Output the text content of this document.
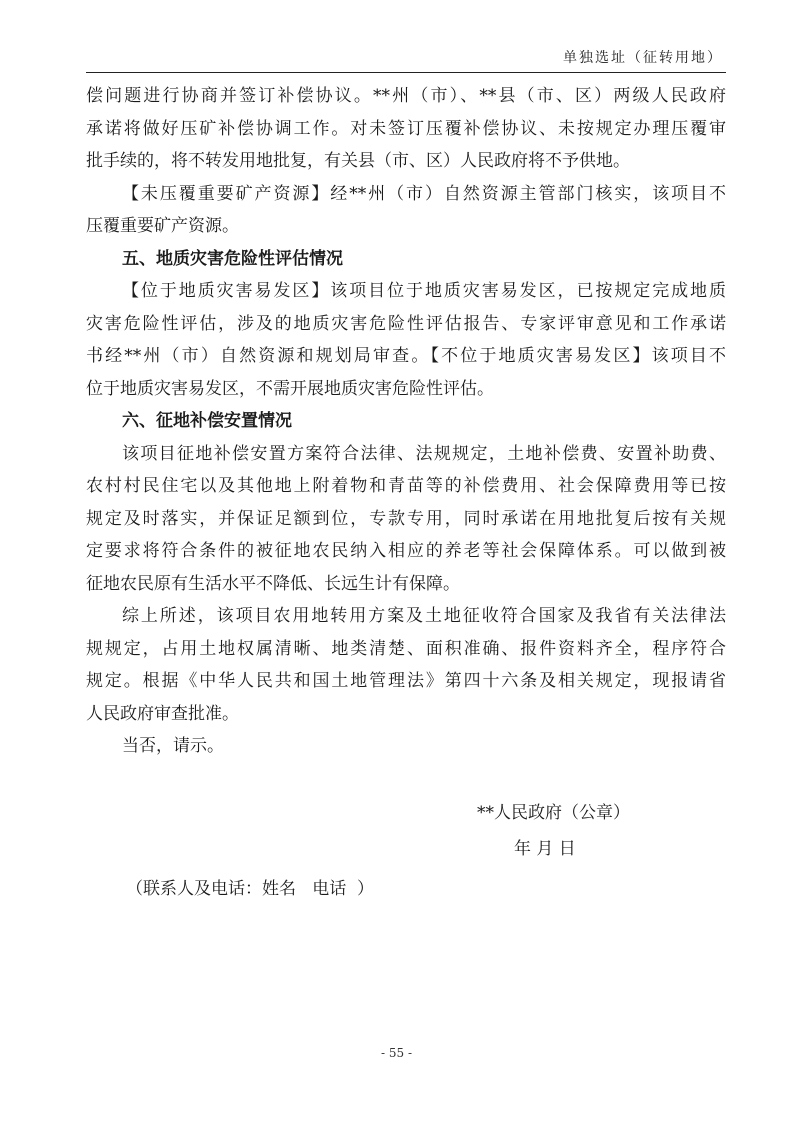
单独选址（征转用地）
偿问题进行协商并签订补偿协议。**州（市）、**县（市、区）两级人民政府
承诺将做好压矿补偿协调工作。对未签订压覆补偿协议、未按规定办理压覆审
批手续的，将不转发用地批复，有关县（市、区）人民政府将不予供地。
【未压覆重要矿产资源】经**州（市）自然资源主管部门核实，该项目不
压覆重要矿产资源。
五、地质灾害危险性评估情况
【位于地质灾害易发区】该项目位于地质灾害易发区，已按规定完成地质
灾害危险性评估，涉及的地质灾害危险性评估报告、专家评审意见和工作承诺
书经**州（市）自然资源和规划局审查。【不位于地质灾害易发区】该项目不
位于地质灾害易发区，不需开展地质灾害危险性评估。
六、征地补偿安置情况
该项目征地补偿安置方案符合法律、法规规定，土地补偿费、安置补助费、
农村村民住宅以及其他地上附着物和青苗等的补偿费用、社会保障费用等已按
规定及时落实，并保证足额到位，专款专用，同时承诺在用地批复后按有关规
定要求将符合条件的被征地农民纳入相应的养老等社会保障体系。可以做到被
征地农民原有生活水平不降低、长远生计有保障。
综上所述，该项目农用地转用方案及土地征收符合国家及我省有关法律法
规规定，占用土地权属清晰、地类清楚、面积准确、报件资料齐全，程序符合
规定。根据《中华人民共和国土地管理法》第四十六条及相关规定，现报请省
人民政府审查批准。
当否，请示。
**人民政府（公章）
年 月 日
（联系人及电话：姓名   电话  ）
- 55 -
